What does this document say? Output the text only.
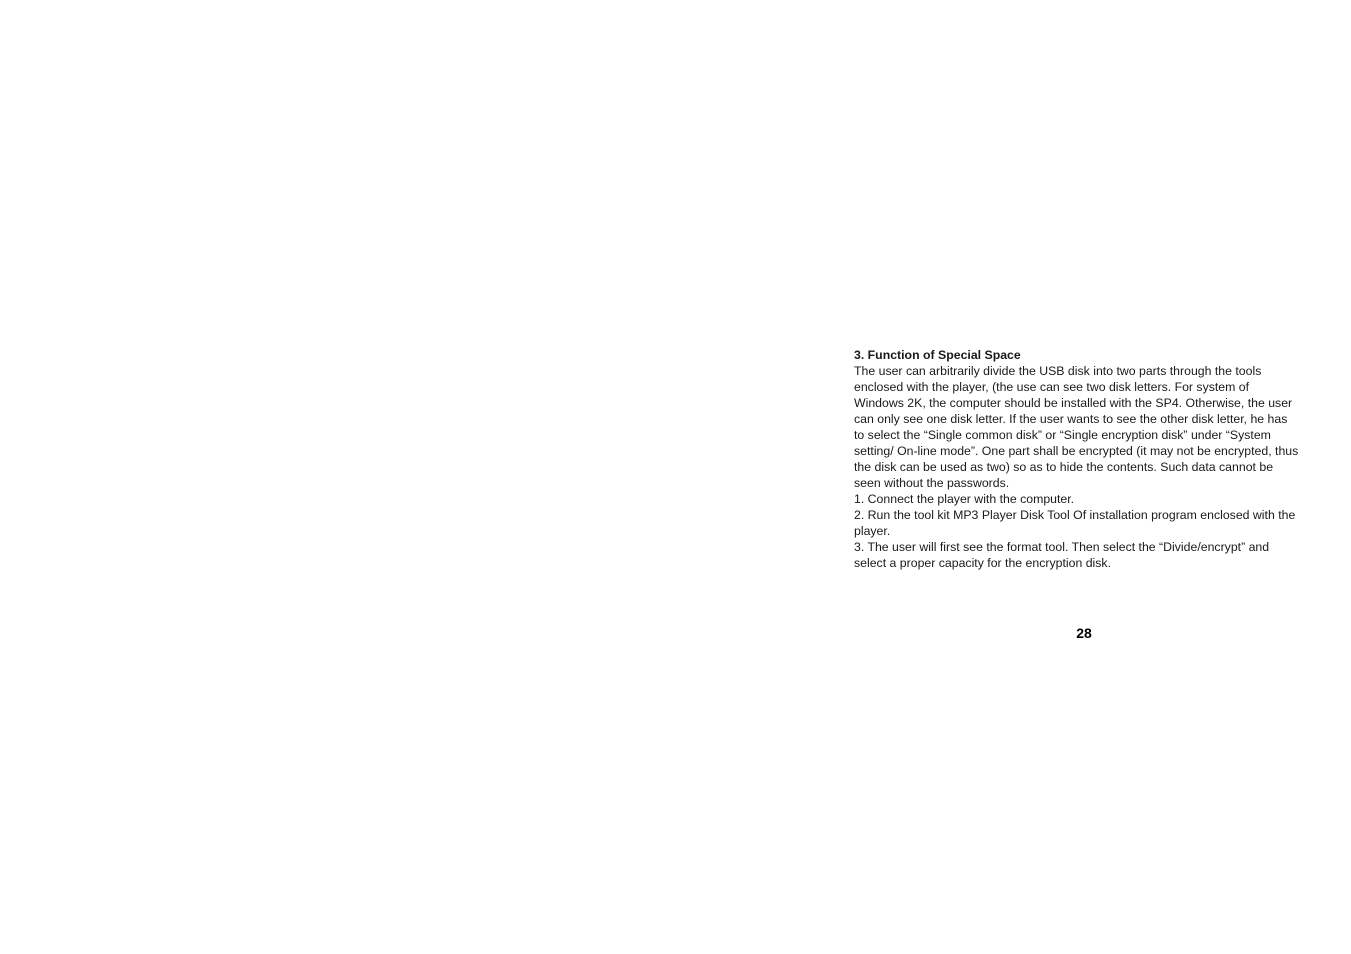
3. Function of Special Space

The user can arbitrarily divide the USB disk into two parts through the tools

enclosed with the player, (the use can see two disk letters. For system of

Windows 2K, the computer should be installed with the SP4. Otherwise, the user

can only see one disk letter. If the user wants to see the other disk letter, he has

to select the “Single common disk” or “Single encryption disk” under “System

setting/ On-line mode”. One part shall be encrypted (it may not be encrypted, thus

the disk can be used as two) so as to hide the contents. Such data cannot be

seen without the passwords.

1. Connect the player with the computer.

2. Run the tool kit MP3 Player Disk Tool Of installation program enclosed with the

player.

3. The user will first see the format tool. Then select the “Divide/encrypt” and

select a proper capacity for the encryption disk.

28
